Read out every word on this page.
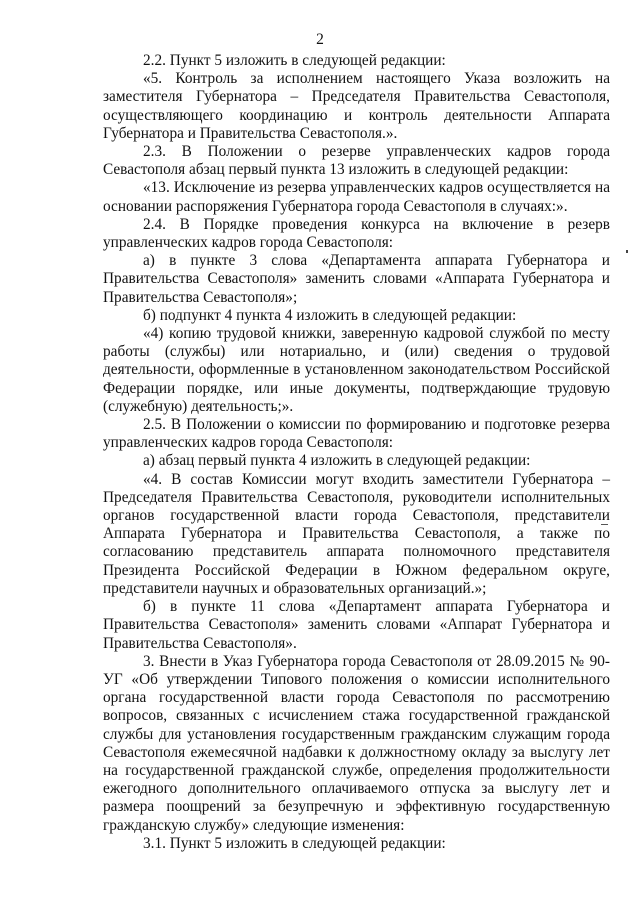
2

2.2. Пункт 5 изложить в следующей редакции:

«5. Контроль за исполнением настоящего Указа возложить на заместителя Губернатора – Председателя Правительства Севастополя, осуществляющего координацию и контроль деятельности Аппарата Губернатора и Правительства Севастополя.».

2.3. В Положении о резерве управленческих кадров города Севастополя абзац первый пункта 13 изложить в следующей редакции:

«13. Исключение из резерва управленческих кадров осуществляется на основании распоряжения Губернатора города Севастополя в случаях:».

2.4. В Порядке проведения конкурса на включение в резерв управленческих кадров города Севастополя:

а) в пункте 3 слова «Департамента аппарата Губернатора и Правительства Севастополя» заменить словами «Аппарата Губернатора и Правительства Севастополя»;

б) подпункт 4 пункта 4 изложить в следующей редакции:

«4) копию трудовой книжки, заверенную кадровой службой по месту работы (службы) или нотариально, и (или) сведения о трудовой деятельности, оформленные в установленном законодательством Российской Федерации порядке, или иные документы, подтверждающие трудовую (служебную) деятельность;».

2.5. В Положении о комиссии по формированию и подготовке резерва управленческих кадров города Севастополя:

а) абзац первый пункта 4 изложить в следующей редакции:

«4. В состав Комиссии могут входить заместители Губернатора – Председателя Правительства Севастополя, руководители исполнительных органов государственной власти города Севастополя, представители Аппарата Губернатора и Правительства Севастополя, а также по согласованию представитель аппарата полномочного представителя Президента Российской Федерации в Южном федеральном округе, представители научных и образовательных организаций.»;

б) в пункте 11 слова «Департамент аппарата Губернатора и Правительства Севастополя» заменить словами «Аппарат Губернатора и Правительства Севастополя».

3. Внести в Указ Губернатора города Севастополя от 28.09.2015 № 90-УГ «Об утверждении Типового положения о комиссии исполнительного органа государственной власти города Севастополя по рассмотрению вопросов, связанных с исчислением стажа государственной гражданской службы для установления государственным гражданским служащим города Севастополя ежемесячной надбавки к должностному окладу за выслугу лет на государственной гражданской службе, определения продолжительности ежегодного дополнительного оплачиваемого отпуска за выслугу лет и размера поощрений за безупречную и эффективную государственную гражданскую службу» следующие изменения:

3.1. Пункт 5 изложить в следующей редакции:
